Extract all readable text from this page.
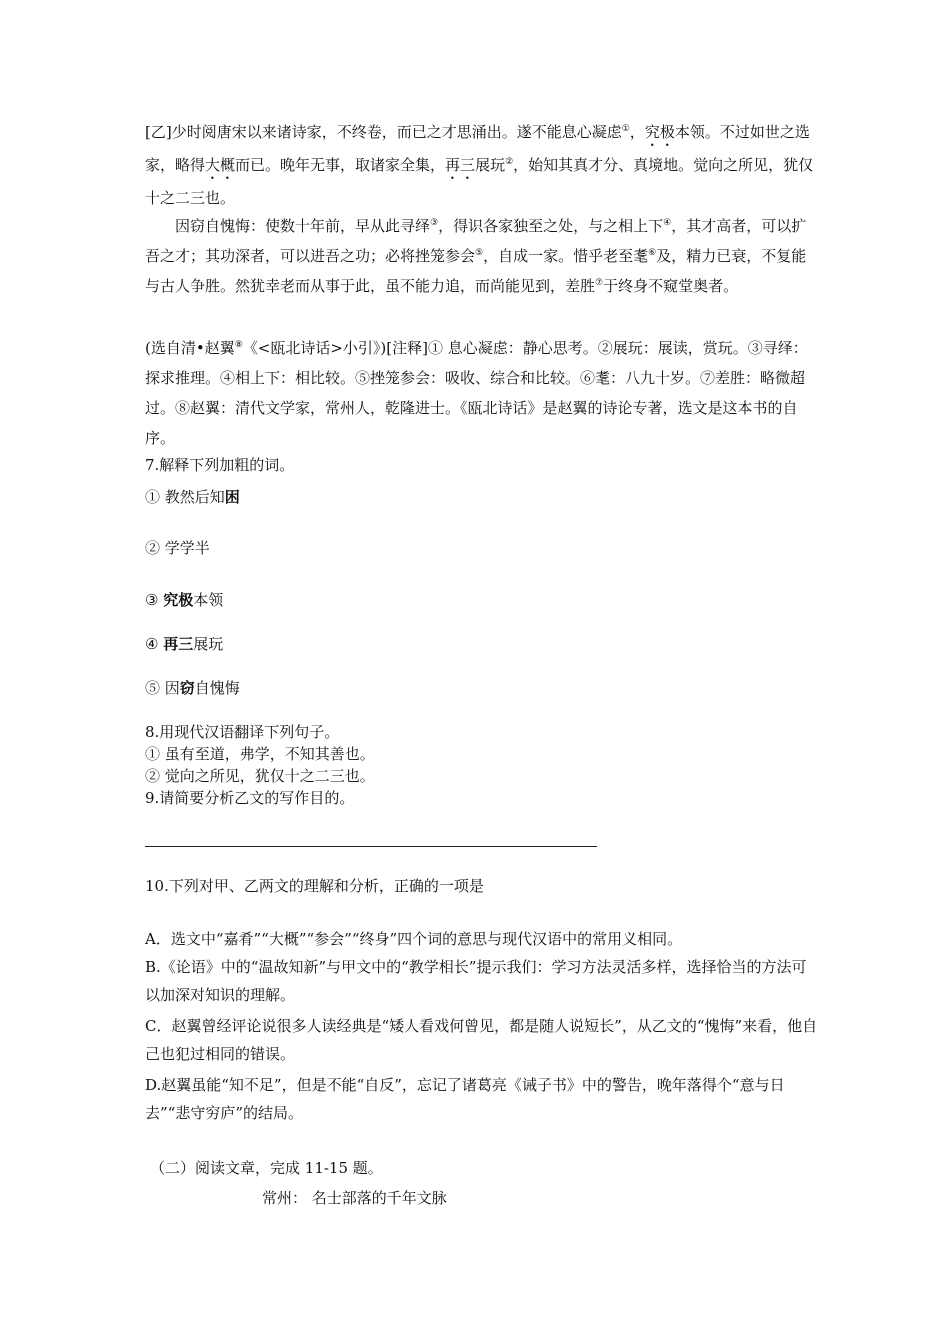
[乙]少时阅唐宋以来诸诗家，不终卷，而已之才思涌出。遂不能息心凝虑①，究极本领。不过如世之选家，略得大概而已。晚年无事，取诸家全集，再三展玩②，始知其真才分、真境地。觉向之所见，犹仅十之二三也。
因窃自愧悔：使数十年前，早从此寻绎③，得识各家独至之处，与之相上下④，其才高者，可以扩吾之才；其功深者，可以进吾之功；必将挫笼参会⑤，自成一家。惜乎老至耄⑥及，精力已衰，不复能与古人争胜。然犹幸老而从事于此，虽不能力追，而尚能见到，差胜⑦于终身不窥堂奥者。
(选自清•赵翼⑧《<瓯北诗话>小引》)[注释]① 息心凝虑：静心思考。②展玩：展读，赏玩。③寻绎：探求推理。④相上下：相比较。⑤挫笼参会：吸收、综合和比较。⑥耄：八九十岁。⑦差胜：略微超过。⑧赵翼：清代文学家，常州人，乾隆进士。《瓯北诗话》是赵翼的诗论专著，选文是这本书的自序。
7.解释下列加粗的词。
① 教然后知困
② 学学半
③ 究极本领
④ 再三展玩
⑤ 因窃自愧悔
8.用现代汉语翻译下列句子。
① 虽有至道，弗学，不知其善也。
② 觉向之所见，犹仅十之二三也。
9.请简要分析乙文的写作目的。
10.下列对甲、乙两文的理解和分析，正确的一项是
A．选文中“嘉肴”“大概”“参会”“终身”四个词的意思与现代汉语中的常用义相同。
B.《论语》中的“温故知新”与甲文中的“教学相长”提示我们：学习方法灵活多样，选择恰当的方法可以加深对知识的理解。
C．赵翼曾经评论说很多人读经典是“矮人看戏何曾见，都是随人说短长”，从乙文的“愧悔”来看，他自己也犯过相同的错误。
D.赵翼虽能“知不足”，但是不能“自反”，忘记了诸葛亮《诫子书》中的警告，晚年落得个“意与日去”“悲守穷庐”的结局。
（二）阅读文章，完成 11-15 题。
常州： 名士部落的千年文脉
